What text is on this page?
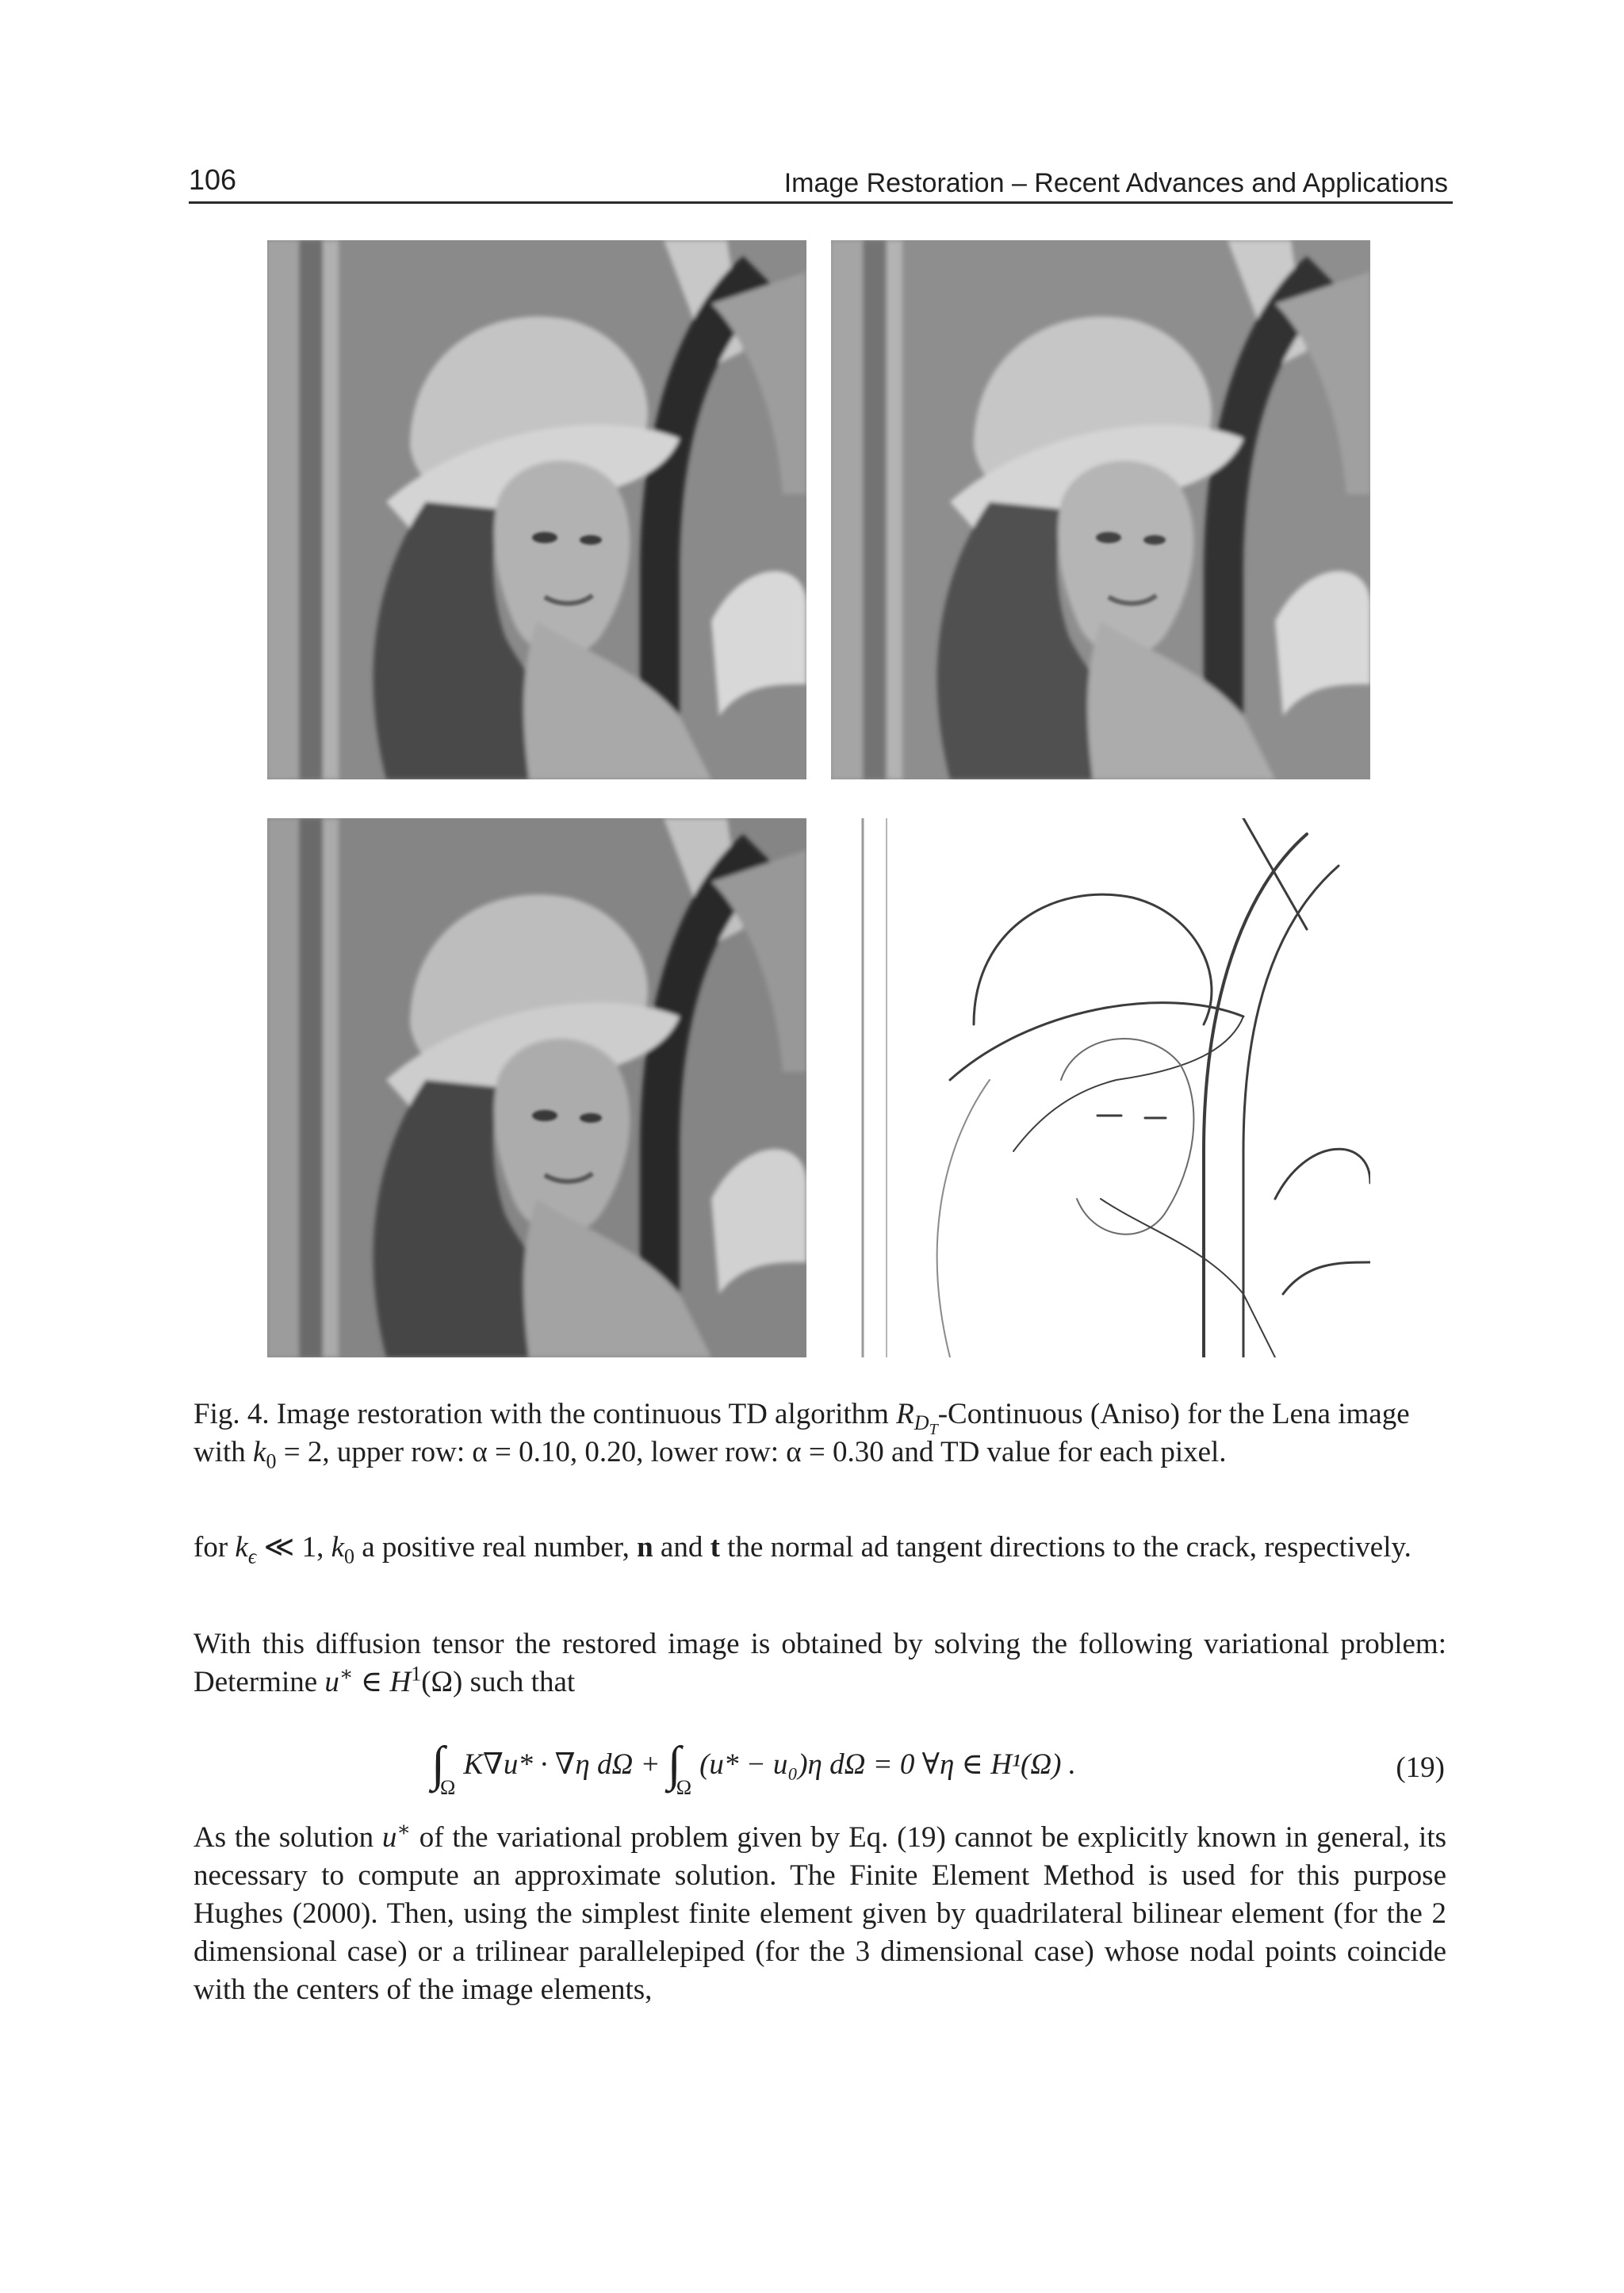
106	Image Restoration – Recent Advances and Applications

Fig. 4. Image restoration with the continuous TD algorithm $R_{D_T}$-Continuous (Aniso) for the Lena image with $k_0 = 2$, upper row: α = 0.10, 0.20, lower row: α = 0.30 and TD value for each pixel.

for $k_\epsilon$ ≪ 1, $k_0$ a positive real number, n and t the normal ad tangent directions to the crack, respectively.

With this diffusion tensor the restored image is obtained by solving the following variational problem: Determine u∗ ∈ $H^1(\Omega)$ such that

$\int_\Omega K\nabla u* \cdot \nabla\eta$ $d\Omega + \int_\Omega(u* - u_0)\eta$ dΩ = 0 ∀η ∈ H¹(Ω) .	(19)

As the solution u∗ of the variational problem given by Eq. (19) cannot be explicitly known in general, its necessary to compute an approximate solution. The Finite Element Method is used for this purpose Hughes (2000). Then, using the simplest finite element given by quadrilateral bilinear element (for the 2 dimensional case) or a trilinear parallelepiped (for the 3 dimensional case) whose nodal points coincide with the centers of the image elements,
